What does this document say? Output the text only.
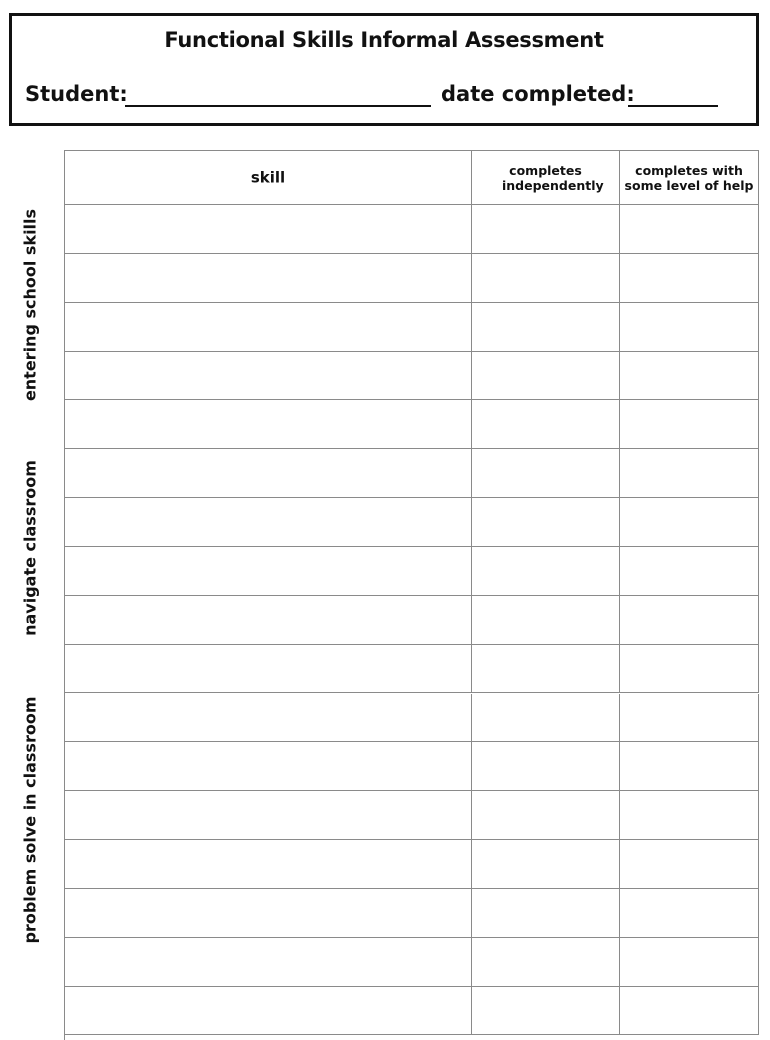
Functional Skills Informal Assessment
Student:	date completed:
entering school skills
navigate classroom
problem solve in classroom
skill	completes independently
completes with some level of help
